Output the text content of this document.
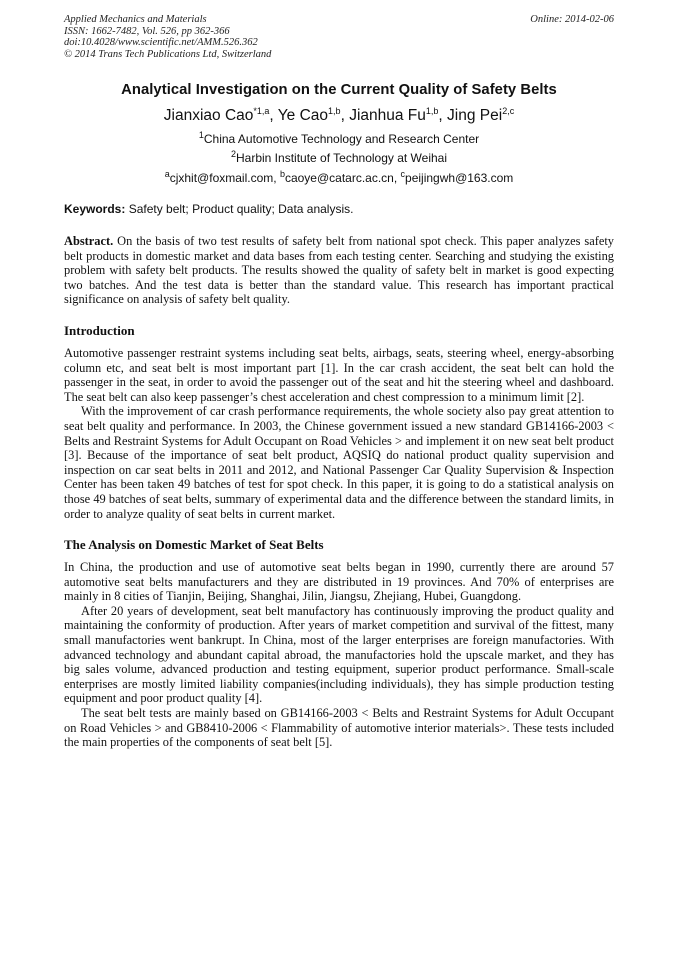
Applied Mechanics and Materials
ISSN: 1662-7482, Vol. 526, pp 362-366
doi:10.4028/www.scientific.net/AMM.526.362
© 2014 Trans Tech Publications Ltd, Switzerland
Online: 2014-02-06
Analytical Investigation on the Current Quality of Safety Belts
Jianxiao Cao$^{*1,a}$, Ye Cao$^{1,b}$, Jianhua Fu$^{1,b}$, Jing Pei$^{2,c}$
$^1$China Automotive Technology and Research Center
$^2$Harbin Institute of Technology at Weihai
$^a$cjxhit@foxmail.com, $^b$caoye@catarc.ac.cn, $^c$peijingwh@163.com
Keywords: Safety belt; Product quality; Data analysis.
Abstract. On the basis of two test results of safety belt from national spot check. This paper analyzes safety belt products in domestic market and data bases from each testing center. Searching and studying the existing problem with safety belt products. The results showed the quality of safety belt in market is good expecting two batches. And the test data is better than the standard value. This research has important practical significance on analysis of safety belt quality.
Introduction

Automotive passenger restraint systems including seat belts, airbags, seats, steering wheel, energy-absorbing column etc, and seat belt is most important part [1]. In the car crash accident, the seat belt can hold the passenger in the seat, in order to avoid the passenger out of the seat and hit the steering wheel and dashboard. The seat belt can also keep passenger’s chest acceleration and chest compression to a minimum limit [2].

With the improvement of car crash performance requirements, the whole society also pay great attention to seat belt quality and performance. In 2003, the Chinese government issued a new standard GB14166-2003 < Belts and Restraint Systems for Adult Occupant on Road Vehicles > and implement it on new seat belt product [3]. Because of the importance of seat belt product, AQSIQ do national product quality supervision and inspection on car seat belts in 2011 and 2012, and National Passenger Car Quality Supervision & Inspection Center has been taken 49 batches of test for spot check. In this paper, it is going to do a statistical analysis on those 49 batches of seat belts, summary of experimental data and the difference between the standard limits, in order to analyze quality of seat belts in current market.

The Analysis on Domestic Market of Seat Belts

In China, the production and use of automotive seat belts began in 1990, currently there are around 57 automotive seat belts manufacturers and they are distributed in 19 provinces. And 70% of enterprises are mainly in 8 cities of Tianjin, Beijing, Shanghai, Jilin, Jiangsu, Zhejiang, Hubei, Guangdong.

After 20 years of development, seat belt manufactory has continuously improving the product quality and maintaining the conformity of production. After years of market competition and survival of the fittest, many small manufactories went bankrupt. In China, most of the larger enterprises are foreign manufactories. With advanced technology and abundant capital abroad, the manufactories hold the upscale market, and they has big sales volume, advanced production and testing equipment, superior product performance. Small-scale enterprises are mostly limited liability companies(including individuals), they has simple production testing equipment and poor product quality [4].

The seat belt tests are mainly based on GB14166-2003 < Belts and Restraint Systems for Adult Occupant on Road Vehicles > and GB8410-2006 < Flammability of automotive interior materials>. These tests included the main properties of the components of seat belt [5].
